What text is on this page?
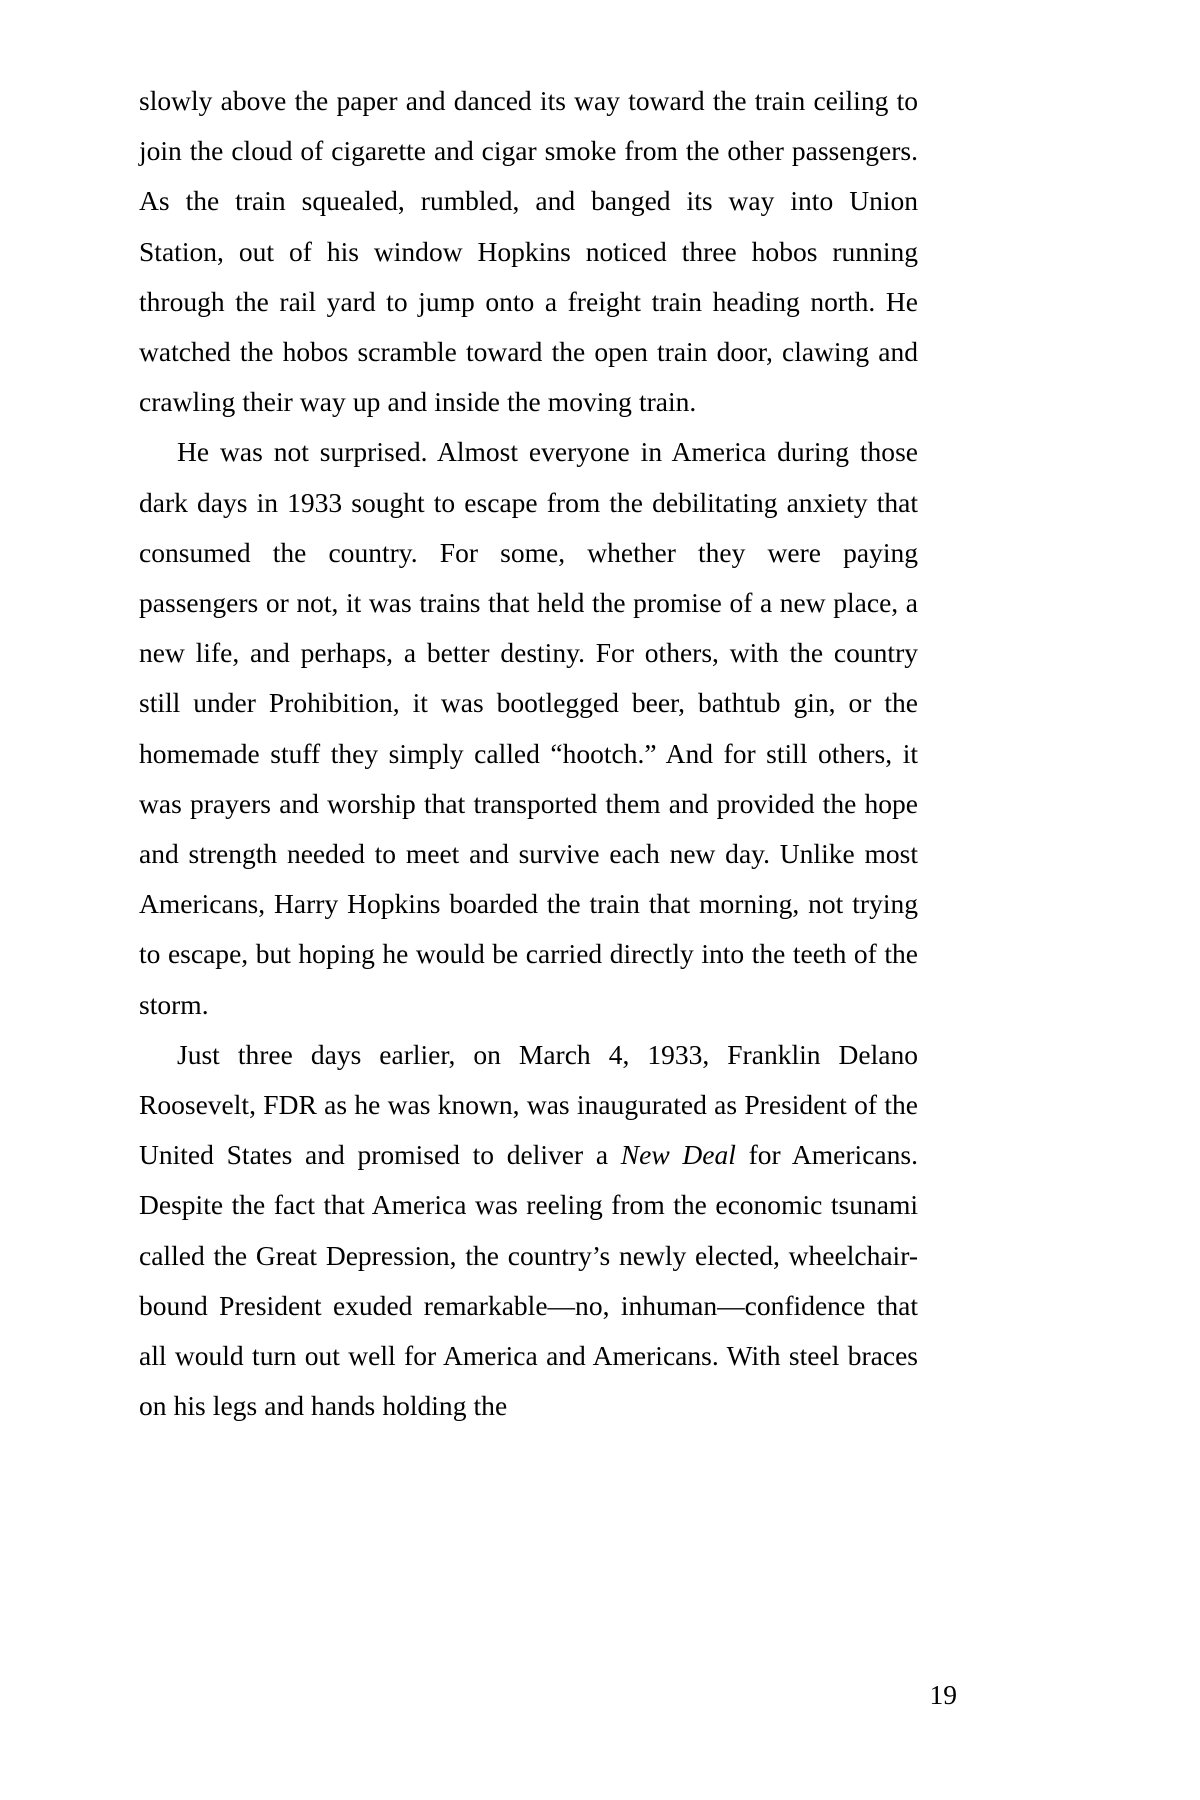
slowly above the paper and danced its way toward the train ceiling to join the cloud of cigarette and cigar smoke from the other passengers. As the train squealed, rumbled, and banged its way into Union Station, out of his window Hopkins noticed three hobos running through the rail yard to jump onto a freight train heading north. He watched the hobos scramble toward the open train door, clawing and crawling their way up and inside the moving train.

He was not surprised. Almost everyone in America during those dark days in 1933 sought to escape from the debilitating anxiety that consumed the country. For some, whether they were paying passengers or not, it was trains that held the promise of a new place, a new life, and perhaps, a better destiny. For others, with the country still under Prohibition, it was bootlegged beer, bathtub gin, or the homemade stuff they simply called “hootch.” And for still others, it was prayers and worship that transported them and provided the hope and strength needed to meet and survive each new day. Unlike most Americans, Harry Hopkins boarded the train that morning, not trying to escape, but hoping he would be carried directly into the teeth of the storm.

Just three days earlier, on March 4, 1933, Franklin Delano Roosevelt, FDR as he was known, was inaugurated as President of the United States and promised to deliver a New Deal for Americans. Despite the fact that America was reeling from the economic tsunami called the Great Depression, the country’s newly elected, wheelchair-bound President exuded remarkable—no, inhuman—confidence that all would turn out well for America and Americans. With steel braces on his legs and hands holding the

19
